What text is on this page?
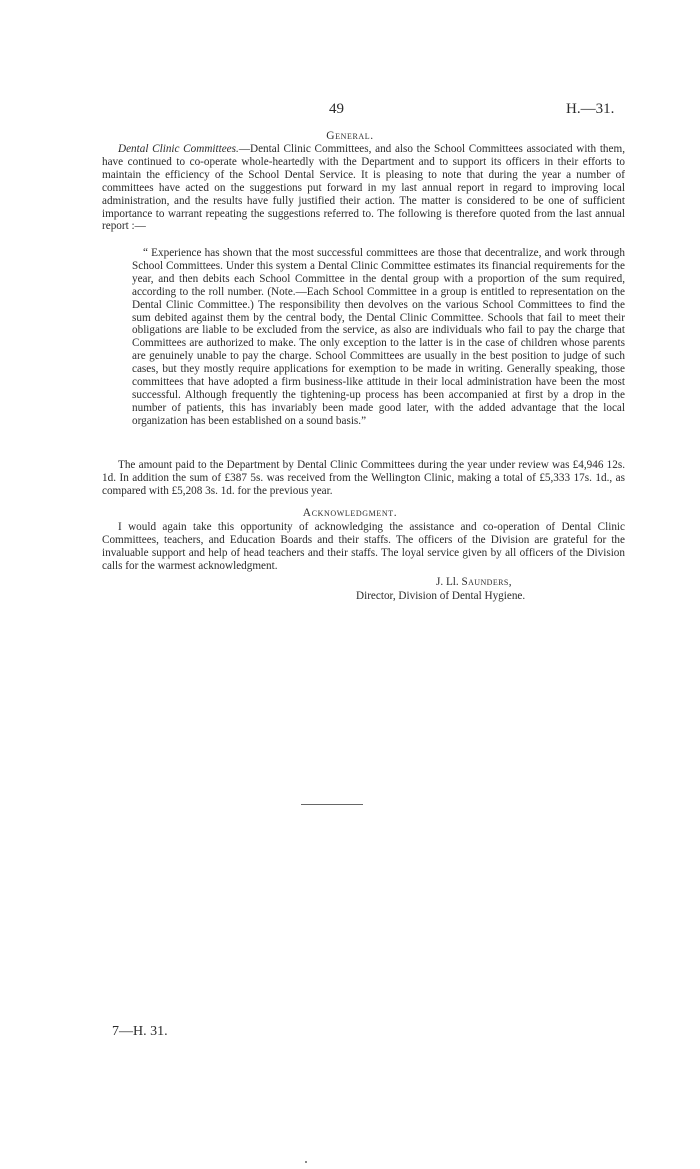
49	H.—31.
General.

Dental Clinic Committees.—Dental Clinic Committees, and also the School Committees associated with them, have continued to co-operate whole-heartedly with the Department and to support its officers in their efforts to maintain the efficiency of the School Dental Service. It is pleasing to note that during the year a number of committees have acted on the suggestions put forward in my last annual report in regard to improving local administration, and the results have fully justified their action. The matter is considered to be one of sufficient importance to warrant repeating the suggestions referred to. The following is therefore quoted from the last annual report :—

“ Experience has shown that the most successful committees are those that decentralize, and work through School Committees. Under this system a Dental Clinic Committee estimates its financial requirements for the year, and then debits each School Committee in the dental group with a proportion of the sum required, according to the roll number. (Note.—Each School Committee in a group is entitled to representation on the Dental Clinic Committee.) The responsibility then devolves on the various School Committees to find the sum debited against them by the central body, the Dental Clinic Committee. Schools that fail to meet their obligations are liable to be excluded from the service, as also are individuals who fail to pay the charge that Committees are authorized to make. The only exception to the latter is in the case of children whose parents are genuinely unable to pay the charge. School Committees are usually in the best position to judge of such cases, but they mostly require applications for exemption to be made in writing. Generally speaking, those committees that have adopted a firm business-like attitude in their local administration have been the most successful. Although frequently the tightening-up process has been accompanied at first by a drop in the number of patients, this has invariably been made good later, with the added advantage that the local organization has been established on a sound basis.”

The amount paid to the Department by Dental Clinic Committees during the year under review was £4,946 12s. 1d. In addition the sum of £387 5s. was received from the Wellington Clinic, making a total of £5,333 17s. 1d., as compared with £5,208 3s. 1d. for the previous year.

Acknowledgment.

I would again take this opportunity of acknowledging the assistance and co-operation of Dental Clinic Committees, teachers, and Education Boards and their staffs. The officers of the Division are grateful for the invaluable support and help of head teachers and their staffs. The loyal service given by all officers of the Division calls for the warmest acknowledgment.

J. Ll. Saunders,
Director, Division of Dental Hygiene.
7—H. 31.
